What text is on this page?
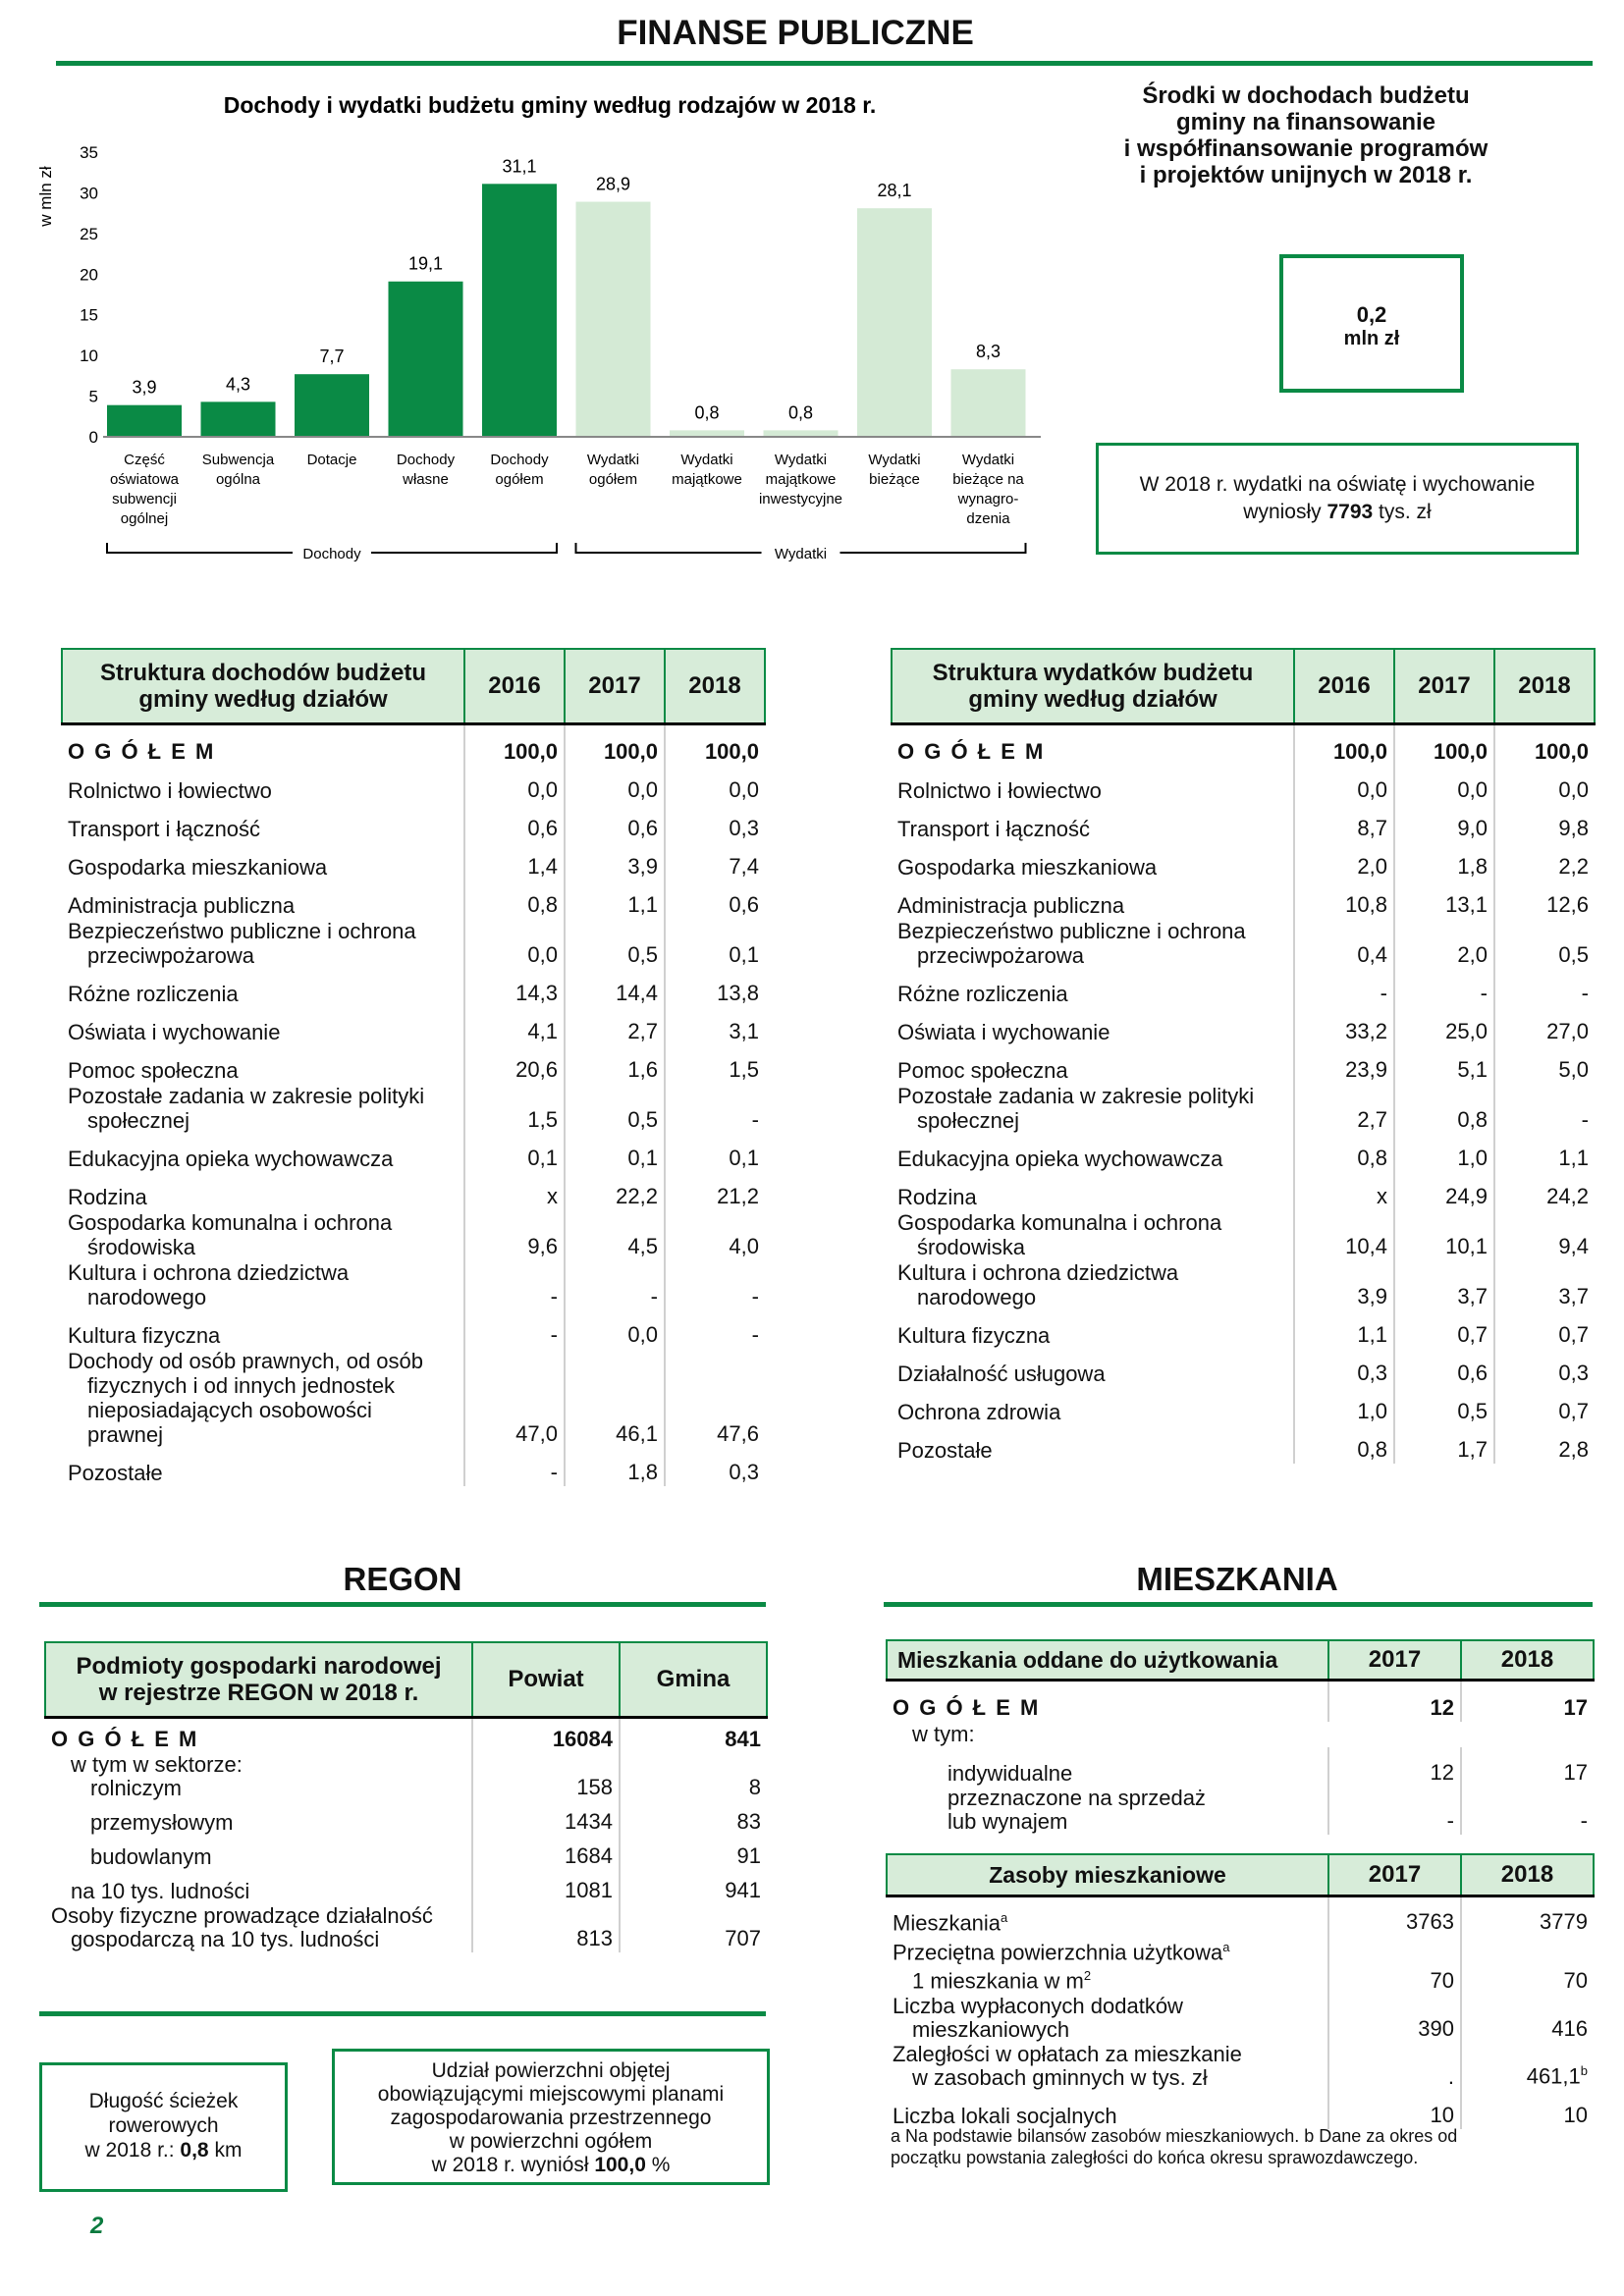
FINANSE PUBLICZNE
Dochody i wydatki budżetu gminy według rodzajów w 2018 r.
w mln zł
0
5
10
15
20
25
30
35
3,9
Część
oświatowa
subwencji
ogólnej
4,3
Subwencja
ogólna
7,7
Dotacje
19,1
Dochody
własne
31,1
Dochody
ogółem
28,9
Wydatki
ogółem
0,8
Wydatki
majątkowe
0,8
Wydatki
majątkowe
inwestycyjne
28,1
Wydatki
bieżące
8,3
Wydatki
bieżące na
wynagro-
dzenia
Dochody	Wydatki
Środki w dochodach budżetu
gminy na finansowanie
i współfinansowanie programów
i projektów unijnych w 2018 r.
0,2
mln zł
W 2018 r. wydatki na oświatę i wychowanie wyniosły 7793 tys. zł
Struktura dochodów budżetu
gminy według działów	2016	2017	2018
O G Ó Ł E M	100,0	100,0	100,0

Rolnictwo i łowiectwo	0,0	0,0	0,0

Transport i łączność	0,6	0,6	0,3

Gospodarka mieszkaniowa	1,4	3,9	7,4

Administracja publiczna	0,8	1,1	0,6

Bezpieczeństwo publiczne i ochrona
przeciwpożarowa	0,0	0,5	0,1

Różne rozliczenia	14,3	14,4	13,8

Oświata i wychowanie	4,1	2,7	3,1

Pomoc społeczna	20,6	1,6	1,5

Pozostałe zadania w zakresie polityki
społecznej	1,5	0,5	-

Edukacyjna opieka wychowawcza	0,1	0,1	0,1

Rodzina	x	22,2	21,2

Gospodarka komunalna i ochrona
środowiska	9,6	4,5	4,0

Kultura i ochrona dziedzictwa
narodowego	-	-	-

Kultura fizyczna	-	0,0	-

Dochody od osób prawnych, od osób
fizycznych i od innych jednostek
nieposiadających osobowości
prawnej	47,0	46,1	47,6

Pozostałe	-	1,8	0,3
Struktura wydatków budżetu
gminy według działów	2016	2017	2018
O G Ó Ł E M	100,0	100,0	100,0

Rolnictwo i łowiectwo	0,0	0,0	0,0

Transport i łączność	8,7	9,0	9,8

Gospodarka mieszkaniowa	2,0	1,8	2,2

Administracja publiczna	10,8	13,1	12,6

Bezpieczeństwo publiczne i ochrona
przeciwpożarowa	0,4	2,0	0,5

Różne rozliczenia	-	-	-

Oświata i wychowanie	33,2	25,0	27,0

Pomoc społeczna	23,9	5,1	5,0

Pozostałe zadania w zakresie polityki
społecznej	2,7	0,8	-

Edukacyjna opieka wychowawcza	0,8	1,0	1,1

Rodzina	x	24,9	24,2

Gospodarka komunalna i ochrona
środowiska	10,4	10,1	9,4

Kultura i ochrona dziedzictwa
narodowego	3,9	3,7	3,7

Kultura fizyczna	1,1	0,7	0,7

Działalność usługowa	0,3	0,6	0,3

Ochrona zdrowia	1,0	0,5	0,7

Pozostałe	0,8	1,7	2,8
REGON
Podmioty gospodarki narodowej
w rejestrze REGON w 2018 r.	Powiat	Gmina
O G Ó Ł E M	16084	841

w tym w sektorze:
rolniczym	158	8

przemysłowym	1434	83

budowlanym	1684	91

na 10 tys. ludności	1081	941

Osoby fizyczne prowadzące działalność
gospodarczą na 10 tys. ludności	813	707
Długość ścieżek
rowerowych
w 2018 r.: 0,8 km
Udział powierzchni objętej
obowiązującymi miejscowymi planami
zagospodarowania przestrzennego
w powierzchni ogółem
w 2018 r. wyniósł 100,0 %
MIESZKANIA
Mieszkania oddane do użytkowania	2017	2018
O G Ó Ł E M	12	17
w tym:		

indywidualne	12	17

przeznaczone na sprzedaż
lub wynajem	-	-
Zasoby mieszkaniowe	2017	2018

Mieszkania$^a$	3763	3779

Przeciętna powierzchnia użytkowa$^a$
1 mieszkania w $m^2$	70	70

Liczba wypłaconych dodatków
mieszkaniowych	390	416

Zaległości w opłatach za mieszkanie
w zasobach gminnych w tys. zł	.	461,1$^b$

Liczba lokali socjalnych	10	10
a Na podstawie bilansów zasobów mieszkaniowych. b Dane za okres od
początku powstania zaległości do końca okresu sprawozdawczego.
2
